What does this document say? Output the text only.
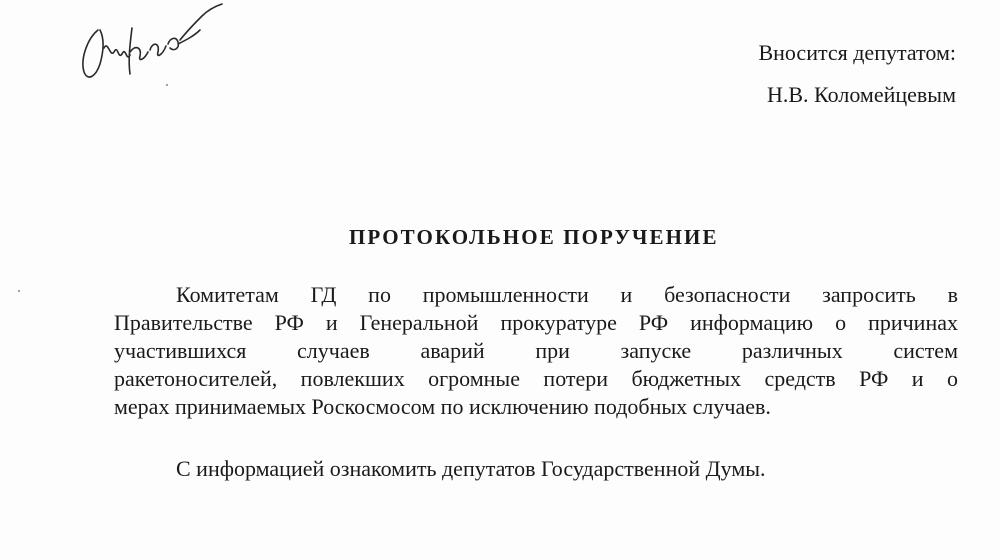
Вносится депутатом:
Н.В. Коломейцевым
ПРОТОКОЛЬНОЕ ПОРУЧЕНИЕ
Комитетам ГД по промышленности и безопасности запросить в
Правительстве РФ и Генеральной прокуратуре РФ информацию о причинах
участившихся случаев аварий при запуске различных систем
ракетоносителей, повлекших огромные потери бюджетных средств РФ и о
мерах принимаемых Роскосмосом по исключению подобных случаев.
С информацией ознакомить депутатов Государственной Думы.
